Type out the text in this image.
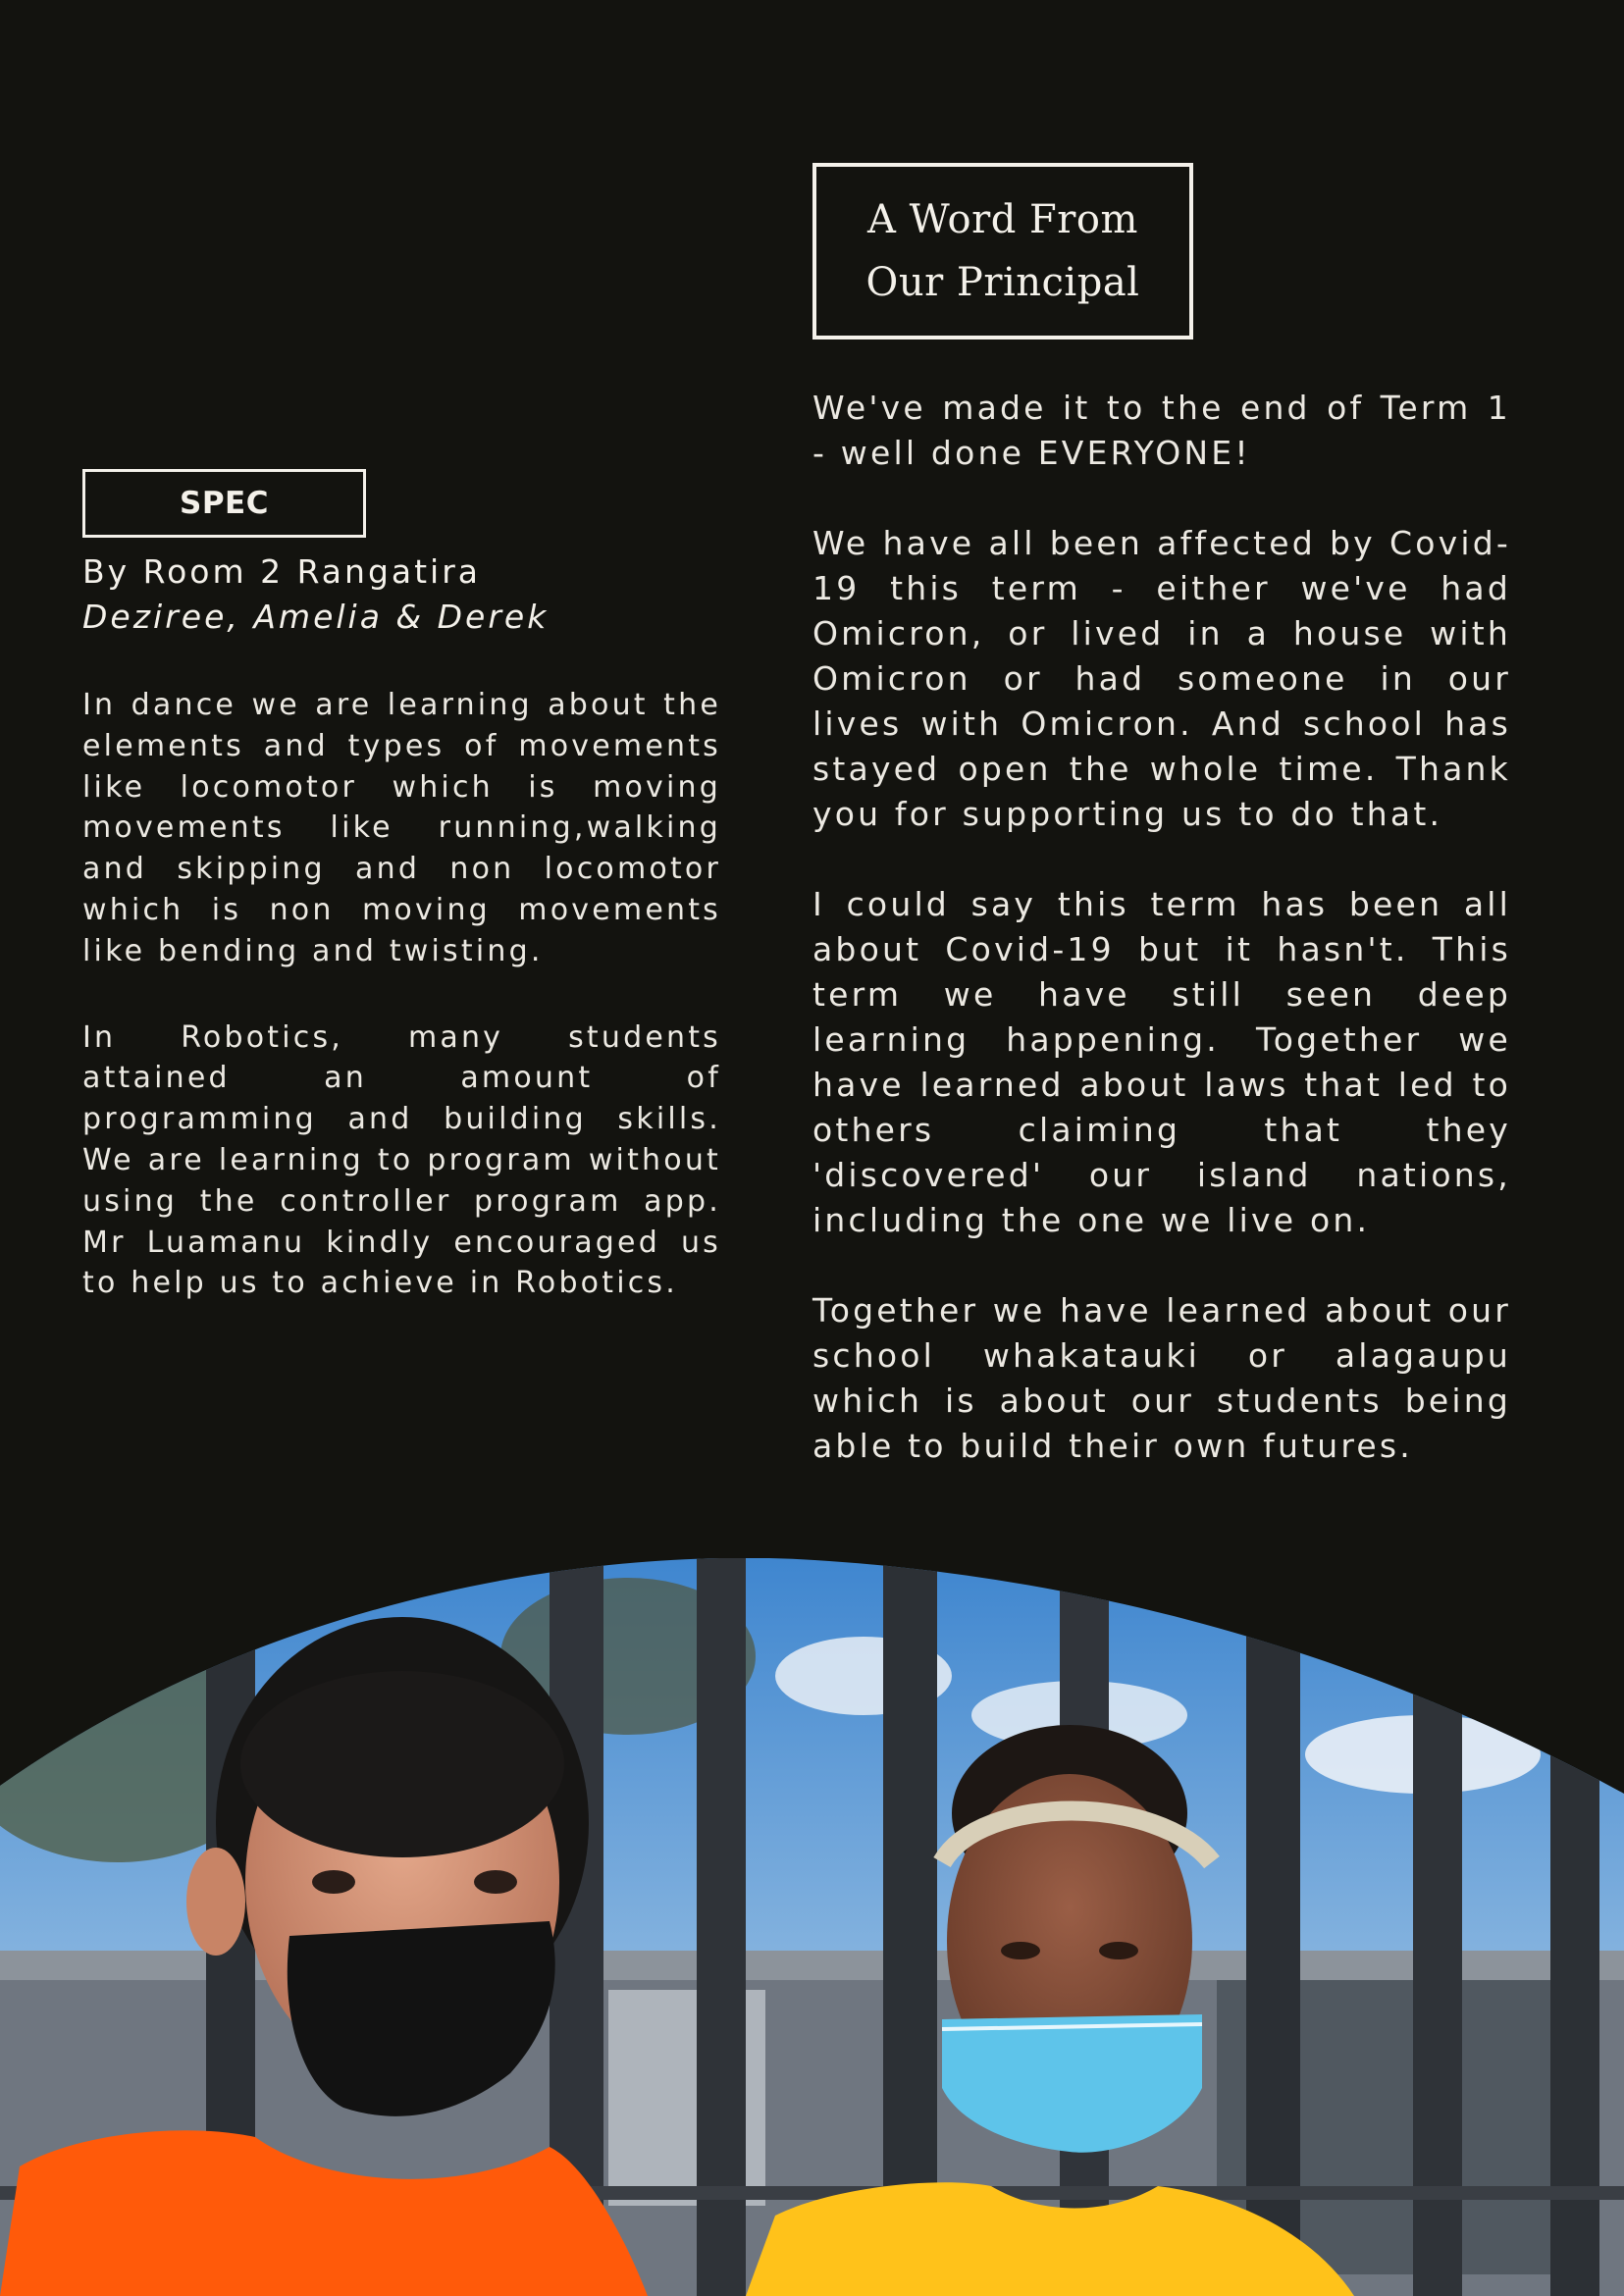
A Word From
Our Principal

We've made it to the end of Term 1 - well done EVERYONE!

We have all been affected by Covid-19 this term - either we've had Omicron, or lived in a house with Omicron or had someone in our lives with Omicron. And school has stayed open the whole time. Thank you for supporting us to do that.

I could say this term has been all about Covid-19 but it hasn't. This term we have still seen deep learning happening. Together we have learned about laws that led to others claiming that they 'discovered' our island nations, including the one we live on.

Together we have learned about our school whakatauki or alagaupu which is about our students being able to build their own futures.

SPEC
By Room 2 Rangatira
Deziree, Amelia & Derek

In dance we are learning about the elements and types of movements like locomotor which is moving movements like running,walking and skipping and non locomotor which is non moving movements like bending and twisting.

In Robotics, many students attained an amount of programming and building skills. We are learning to program without using the controller program app. Mr Luamanu kindly encouraged us to help us to achieve in Robotics.
